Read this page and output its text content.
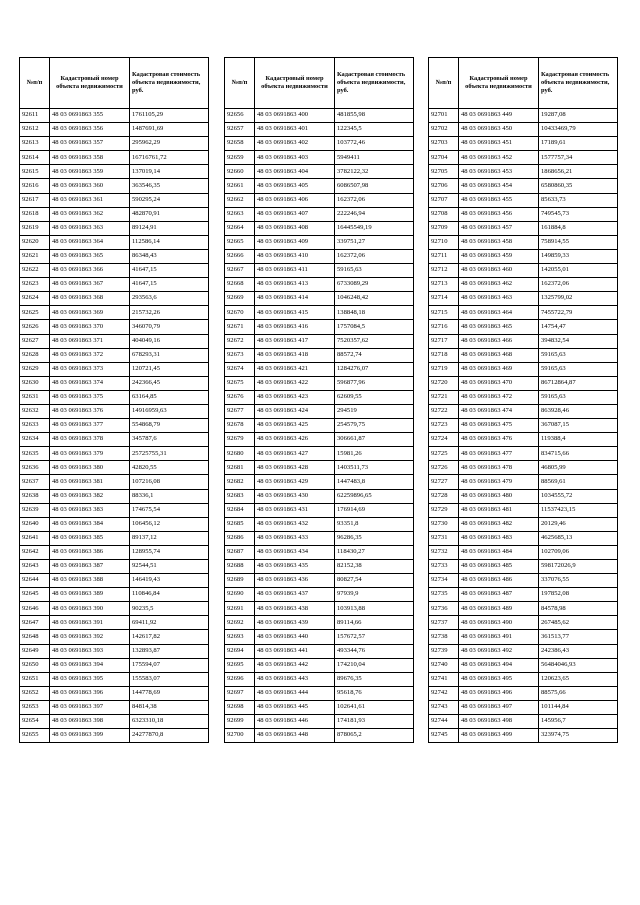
№п/п	Кадастровый номер объекта недвижимости	Кадастровая стоимость объекта недвижимости, руб.
92611	48 03 0691863 355	1761105,29
92612	48 03 0691863 356	1487691,69
92613	48 03 0691863 357	295962,29
92614	48 03 0691863 358	16716761,72
92615	48 03 0691863 359	137019,14
92616	48 03 0691863 360	363546,35
92617	48 03 0691863 361	590295,24
92618	48 03 0691863 362	482870,91
92619	48 03 0691863 363	89124,91
92620	48 03 0691863 364	112586,14
92621	48 03 0691863 365	86348,43
92622	48 03 0691863 366	41647,15
92623	48 03 0691863 367	41647,15
92624	48 03 0691863 368	293563,6
92625	48 03 0691863 369	215732,26
92626	48 03 0691863 370	346070,79
92627	48 03 0691863 371	404049,16
92628	48 03 0691863 372	678293,31
92629	48 03 0691863 373	120721,45
92630	48 03 0691863 374	242366,45
92631	48 03 0691863 375	63164,85
92632	48 03 0691863 376	14916959,63
92633	48 03 0691863 377	554868,79
92634	48 03 0691863 378	345787,6
92635	48 03 0691863 379	25725755,31
92636	48 03 0691863 380	42820,55
92637	48 03 0691863 381	107216,08
92638	48 03 0691863 382	88336,1
92639	48 03 0691863 383	174675,54
92640	48 03 0691863 384	106456,12
92641	48 03 0691863 385	89137,12
92642	48 03 0691863 386	128955,74
92643	48 03 0691863 387	92544,51
92644	48 03 0691863 388	146419,43
92645	48 03 0691863 389	110846,84
92646	48 03 0691863 390	90235,5
92647	48 03 0691863 391	69411,92
92648	48 03 0691863 392	142617,82
92649	48 03 0691863 393	132893,87
92650	48 03 0691863 394	175594,07
92651	48 03 0691863 395	155583,07
92652	48 03 0691863 396	144778,69
92653	48 03 0691863 397	84814,38
92654	48 03 0691863 398	6323310,18
92655	48 03 0691863 399	24277870,8
№п/п	Кадастровый номер объекта недвижимости	Кадастровая стоимость объекта недвижимости, руб.
92656	48 03 0691863 400	481855,98
92657	48 03 0691863 401	122345,5
92658	48 03 0691863 402	103772,46
92659	48 03 0691863 403	5949411
92660	48 03 0691863 404	3782122,32
92661	48 03 0691863 405	6086507,98
92662	48 03 0691863 406	162372,06
92663	48 03 0691863 407	222246,94
92664	48 03 0691863 408	16445549,19
92665	48 03 0691863 409	339751,27
92666	48 03 0691863 410	162372,06
92667	48 03 0691863 411	59165,63
92668	48 03 0691863 413	6733089,29
92669	48 03 0691863 414	1046248,42
92670	48 03 0691863 415	138848,18
92671	48 03 0691863 416	1757084,5
92672	48 03 0691863 417	7520357,62
92673	48 03 0691863 418	88572,74
92674	48 03 0691863 421	1284276,07
92675	48 03 0691863 422	596877,96
92676	48 03 0691863 423	62609,55
92677	48 03 0691863 424	294519
92678	48 03 0691863 425	254579,75
92679	48 03 0691863 426	306661,87
92680	48 03 0691863 427	15981,26
92681	48 03 0691863 428	1403511,73
92682	48 03 0691863 429	1447483,8
92683	48 03 0691863 430	62259896,65
92684	48 03 0691863 431	176914,69
92685	48 03 0691863 432	93351,8
92686	48 03 0691863 433	96286,35
92687	48 03 0691863 434	118430,27
92688	48 03 0691863 435	82152,38
92689	48 03 0691863 436	80827,54
92690	48 03 0691863 437	97939,9
92691	48 03 0691863 438	103913,88
92692	48 03 0691863 439	89114,66
92693	48 03 0691863 440	157672,57
92694	48 03 0691863 441	493344,76
92695	48 03 0691863 442	174210,04
92696	48 03 0691863 443	89676,35
92697	48 03 0691863 444	95618,76
92698	48 03 0691863 445	102641,61
92699	48 03 0691863 446	174181,93
92700	48 03 0691863 448	878065,2
№п/п	Кадастровый номер объекта недвижимости	Кадастровая стоимость объекта недвижимости, руб.
92701	48 03 0691863 449	19287,08
92702	48 03 0691863 450	10433469,79
92703	48 03 0691863 451	17189,61
92704	48 03 0691863 452	1577757,34
92705	48 03 0691863 453	1868656,21
92706	48 03 0691863 454	6580860,35
92707	48 03 0691863 455	85633,73
92708	48 03 0691863 456	749545,73
92709	48 03 0691863 457	161884,8
92710	48 03 0691863 458	758914,55
92711	48 03 0691863 459	149859,33
92712	48 03 0691863 460	142055,01
92713	48 03 0691863 462	162372,06
92714	48 03 0691863 463	1325799,02
92715	48 03 0691863 464	7455722,79
92716	48 03 0691863 465	14754,47
92717	48 03 0691863 466	394832,54
92718	48 03 0691863 468	59165,63
92719	48 03 0691863 469	59165,63
92720	48 03 0691863 470	86712864,87
92721	48 03 0691863 472	59165,63
92722	48 03 0691863 474	863928,46
92723	48 03 0691863 475	367087,15
92724	48 03 0691863 476	119388,4
92725	48 03 0691863 477	834715,66
92726	48 03 0691863 478	46805,99
92727	48 03 0691863 479	88569,61
92728	48 03 0691863 480	1034555,72
92729	48 03 0691863 481	11537423,15
92730	48 03 0691863 482	20129,46
92731	48 03 0691863 483	4625685,13
92732	48 03 0691863 484	102709,06
92733	48 03 0691863 485	598172026,9
92734	48 03 0691863 486	337076,55
92735	48 03 0691863 487	197852,08
92736	48 03 0691863 489	84578,98
92737	48 03 0691863 490	267485,62
92738	48 03 0691863 491	361513,77
92739	48 03 0691863 492	242386,43
92740	48 03 0691863 494	56484046,93
92741	48 03 0691863 495	120623,65
92742	48 03 0691863 496	88575,66
92743	48 03 0691863 497	101144,84
92744	48 03 0691863 498	145956,7
92745	48 03 0691863 499	323974,75
